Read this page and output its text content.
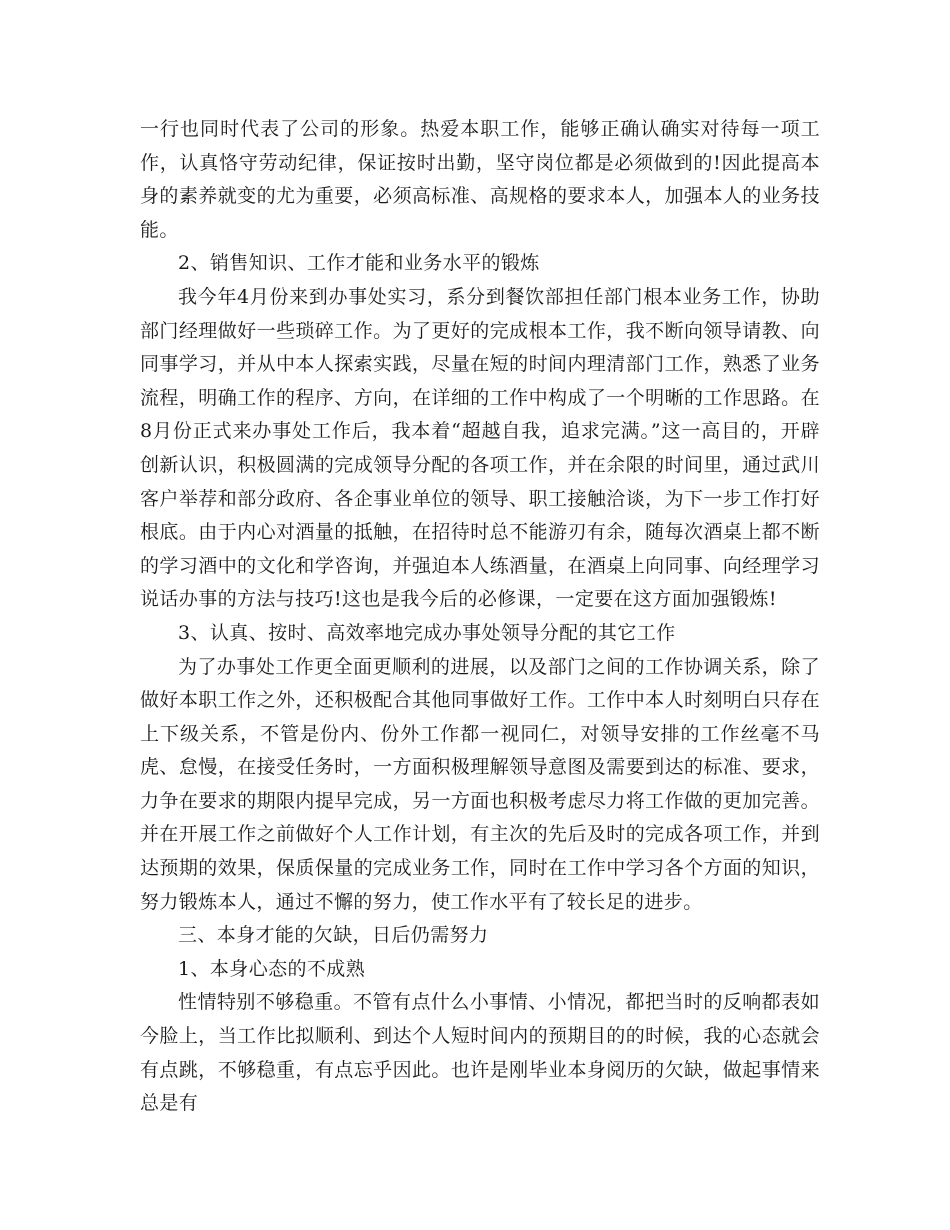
一行也同时代表了公司的形象。热爱本职工作，能够正确认确实对待每一项工作，认真恪守劳动纪律，保证按时出勤，坚守岗位都是必须做到的!因此提高本身的素养就变的尤为重要，必须高标准、高规格的要求本人，加强本人的业务技能。

2、销售知识、工作才能和业务水平的锻炼

我今年4月份来到办事处实习，系分到餐饮部担任部门根本业务工作，协助部门经理做好一些琐碎工作。为了更好的完成根本工作，我不断向领导请教、向同事学习，并从中本人探索实践，尽量在短的时间内理清部门工作，熟悉了业务流程，明确工作的程序、方向，在详细的工作中构成了一个明晰的工作思路。在8月份正式来办事处工作后，我本着“超越自我，追求完满。”这一高目的，开辟创新认识，积极圆满的完成领导分配的各项工作，并在余限的时间里，通过武川客户举荐和部分政府、各企事业单位的领导、职工接触洽谈，为下一步工作打好根底。由于内心对酒量的抵触，在招待时总不能游刃有余，随每次酒桌上都不断的学习酒中的文化和学咨询，并强迫本人练酒量，在酒桌上向同事、向经理学习说话办事的方法与技巧!这也是我今后的必修课，一定要在这方面加强锻炼!

3、认真、按时、高效率地完成办事处领导分配的其它工作

为了办事处工作更全面更顺利的进展，以及部门之间的工作协调关系，除了做好本职工作之外，还积极配合其他同事做好工作。工作中本人时刻明白只存在上下级关系，不管是份内、份外工作都一视同仁，对领导安排的工作丝毫不马虎、怠慢，在接受任务时，一方面积极理解领导意图及需要到达的标准、要求，力争在要求的期限内提早完成，另一方面也积极考虑尽力将工作做的更加完善。并在开展工作之前做好个人工作计划，有主次的先后及时的完成各项工作，并到达预期的效果，保质保量的完成业务工作，同时在工作中学习各个方面的知识，努力锻炼本人，通过不懈的努力，使工作水平有了较长足的进步。

三、本身才能的欠缺，日后仍需努力

1、本身心态的不成熟

性情特别不够稳重。不管有点什么小事情、小情况，都把当时的反响都表如今脸上，当工作比拟顺利、到达个人短时间内的预期目的的时候，我的心态就会有点跳，不够稳重，有点忘乎因此。也许是刚毕业本身阅历的欠缺，做起事情来总是有
